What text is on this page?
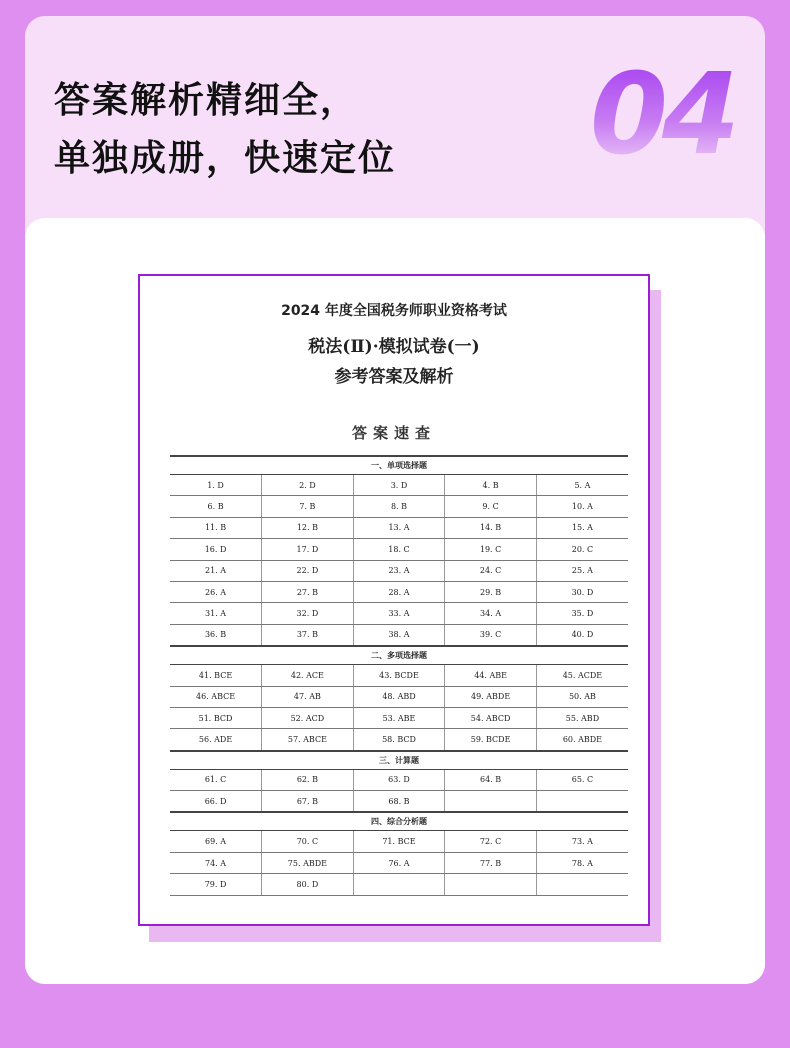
答案解析精细全，
单独成册，快速定位 04
2024 年度全国税务师职业资格考试
税法(Ⅱ)·模拟试卷(一)
参考答案及解析
答案速查
一、单项选择题				
1. D	2. D	3. D	4. B	5. A
6. B	7. B	8. B	9. C	10. A
11. B	12. B	13. A	14. B	15. A
16. D	17. D	18. C	19. C	20. C
21. A	22. D	23. A	24. C	25. A
26. A	27. B	28. A	29. B	30. D
31. A	32. D	33. A	34. A	35. D
36. B	37. B	38. A	39. C	40. D
二、多项选择题				
41. BCE	42. ACE	43. BCDE	44. ABE	45. ACDE
46. ABCE	47. AB	48. ABD	49. ABDE	50. AB
51. BCD	52. ACD	53. ABE	54. ABCD	55. ABD
56. ADE	57. ABCE	58. BCD	59. BCDE	60. ABDE
三、计算题				
61. C	62. B	63. D	64. B	65. C
66. D	67. B	68. B		
四、综合分析题				
69. A	70. C	71. BCE	72. C	73. A
74. A	75. ABDE	76. A	77. B	78. A
79. D	80. D			
